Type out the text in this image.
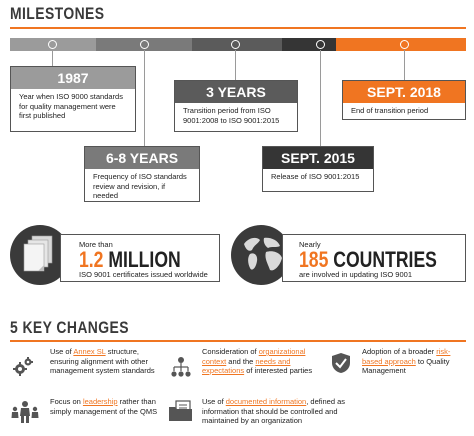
MILESTONES
1987
Year when ISO 9000 standards for quality management were first published
6-8 YEARS
Frequency of ISO standards review and revision, if needed
3 YEARS
Transition period from ISO 9001:2008 to ISO 9001:2015
SEPT. 2015
Release of ISO 9001:2015
SEPT. 2018
End of transition period
More than
1.2 MILLION
ISO 9001 certificates issued worldwide
Nearly
185 COUNTRIES
are involved in updating ISO 9001
5 KEY CHANGES
Use of Annex SL structure, ensuring alignment with other management system standards
Consideration of organizational context and the needs and expectations of interested parties
Adoption of a broader risk-based approach to Quality Management
Focus on leadership rather than simply management of the QMS
Use of documented information, defined as information that should be controlled and maintained by an organization
